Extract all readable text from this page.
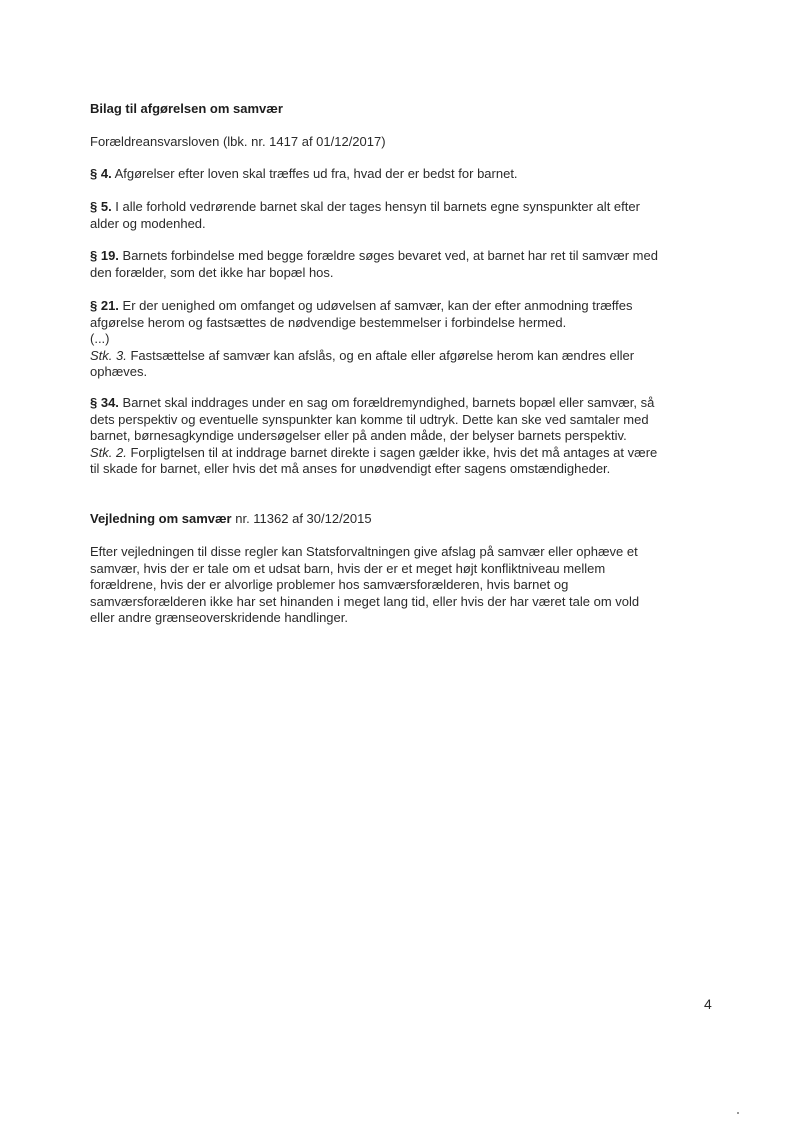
Bilag til afgørelsen om samvær

Forældreansvarsloven (lbk. nr. 1417 af 01/12/2017)

§ 4. Afgørelser efter loven skal træffes ud fra, hvad der er bedst for barnet.

§ 5. I alle forhold vedrørende barnet skal der tages hensyn til barnets egne synspunkter alt efter

alder og modenhed.

§ 19. Barnets forbindelse med begge forældre søges bevaret ved, at barnet har ret til samvær med

den forælder, som det ikke har bopæl hos.

§ 21. Er der uenighed om omfanget og udøvelsen af samvær, kan der efter anmodning træffes

afgørelse herom og fastsættes de nødvendige bestemmelser i forbindelse hermed.

(...)

Stk. 3. Fastsættelse af samvær kan afslås, og en aftale eller afgørelse herom kan ændres eller

ophæves.

§ 34. Barnet skal inddrages under en sag om forældremyndighed, barnets bopæl eller samvær, så

dets perspektiv og eventuelle synspunkter kan komme til udtryk. Dette kan ske ved samtaler med

barnet, børnesagkyndige undersøgelser eller på anden måde, der belyser barnets perspektiv.

Stk. 2. Forpligtelsen til at inddrage barnet direkte i sagen gælder ikke, hvis det må antages at være

til skade for barnet, eller hvis det må anses for unødvendigt efter sagens omstændigheder.

Vejledning om samvær nr. 11362 af 30/12/2015

Efter vejledningen til disse regler kan Statsforvaltningen give afslag på samvær eller ophæve et

samvær, hvis der er tale om et udsat barn, hvis der er et meget højt konfliktniveau mellem

forældrene, hvis der er alvorlige problemer hos samværsforælderen, hvis barnet og

samværsforælderen ikke har set hinanden i meget lang tid, eller hvis der har været tale om vold

eller andre grænseoverskridende handlinger.

4
